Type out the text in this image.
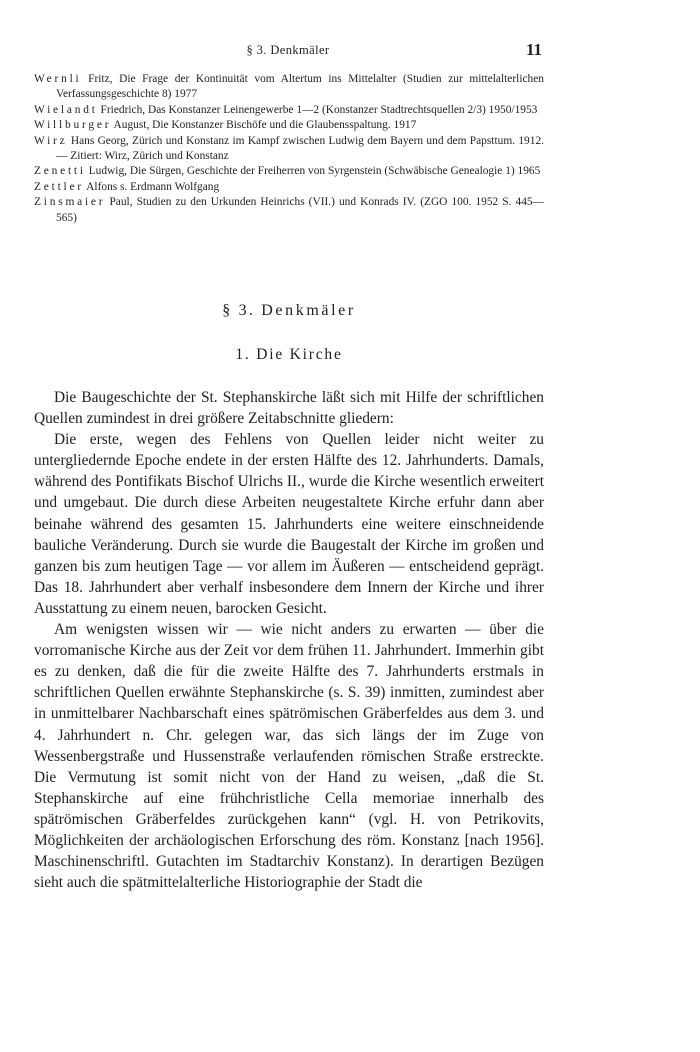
§ 3. Denkmäler	11
Wernli Fritz, Die Frage der Kontinuität vom Altertum ins Mittelalter (Studien zur mittelalterlichen Verfassungsgeschichte 8) 1977
Wielandt Friedrich, Das Konstanzer Leinengewerbe 1—2 (Konstanzer Stadtrechtsquellen 2/3) 1950/1953
Willburger August, Die Konstanzer Bischöfe und die Glaubensspaltung. 1917
Wirz Hans Georg, Zürich und Konstanz im Kampf zwischen Ludwig dem Bayern und dem Papsttum. 1912. — Zitiert: Wirz, Zürich und Konstanz
Zenetti Ludwig, Die Sürgen, Geschichte der Freiherren von Syrgenstein (Schwäbische Genealogie 1) 1965
Zettler Alfons s. Erdmann Wolfgang
Zinsmaier Paul, Studien zu den Urkunden Heinrichs (VII.) und Konrads IV. (ZGO 100. 1952 S. 445—565)
§ 3. Denkmäler
1. Die Kirche

Die Baugeschichte der St. Stephanskirche läßt sich mit Hilfe der schriftlichen Quellen zumindest in drei größere Zeitabschnitte gliedern:

Die erste, wegen des Fehlens von Quellen leider nicht weiter zu untergliedernde Epoche endete in der ersten Hälfte des 12. Jahrhunderts. Damals, während des Pontifikats Bischof Ulrichs II., wurde die Kirche wesentlich erweitert und umgebaut. Die durch diese Arbeiten neugestaltete Kirche erfuhr dann aber beinahe während des gesamten 15. Jahrhunderts eine weitere einschneidende bauliche Veränderung. Durch sie wurde die Baugestalt der Kirche im großen und ganzen bis zum heutigen Tage — vor allem im Äußeren — entscheidend geprägt. Das 18. Jahrhundert aber verhalf insbesondere dem Innern der Kirche und ihrer Ausstattung zu einem neuen, barocken Gesicht.

Am wenigsten wissen wir — wie nicht anders zu erwarten — über die vorromanische Kirche aus der Zeit vor dem frühen 11. Jahrhundert. Immerhin gibt es zu denken, daß die für die zweite Hälfte des 7. Jahrhunderts erstmals in schriftlichen Quellen erwähnte Stephanskirche (s. S. 39) inmitten, zumindest aber in unmittelbarer Nachbarschaft eines spätrömischen Gräberfeldes aus dem 3. und 4. Jahrhundert n. Chr. gelegen war, das sich längs der im Zuge von Wessenbergstraße und Hussenstraße verlaufenden römischen Straße erstreckte. Die Vermutung ist somit nicht von der Hand zu weisen, „daß die St. Stephanskirche auf eine frühchristliche Cella memoriae innerhalb des spätrömischen Gräberfeldes zurückgehen kann“ (vgl. H. von Petrikovits, Möglichkeiten der archäologischen Erforschung des röm. Konstanz [nach 1956]. Maschinenschriftl. Gutachten im Stadtarchiv Konstanz). In derartigen Bezügen sieht auch die spätmittelalterliche Historiographie der Stadt die
